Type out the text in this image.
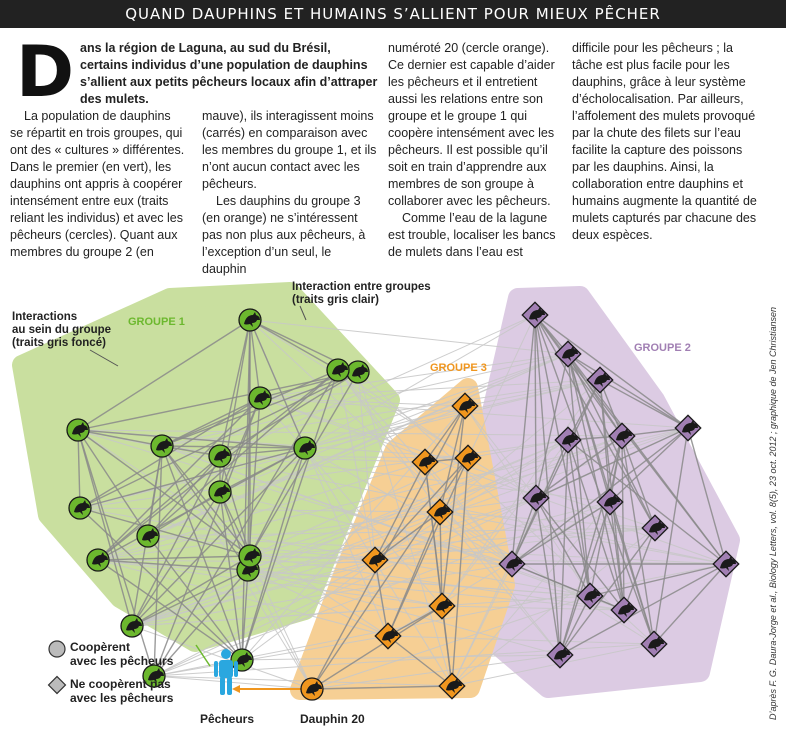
QUAND DAUPHINS ET HUMAINS S’ALLIENT POUR MIEUX PÊCHER
D ans la région de Laguna, au sud du Brésil, certains individus d’une population de dauphins s’allient aux petits pêcheurs locaux afin d’attraper des mulets.

La population de dauphins se répartit en trois groupes, qui ont des « cultures » différentes. Dans le premier (en vert), les dauphins ont appris à coopérer intensément entre eux (traits reliant les individus) et avec les pêcheurs (cercles). Quant aux membres du groupe 2 (en

mauve), ils interagissent moins (carrés) en comparaison avec les membres du groupe 1, et ils n’ont aucun contact avec les pêcheurs.

Les dauphins du groupe 3 (en orange) ne s’intéressent pas non plus aux pêcheurs, à l’exception d’un seul, le dauphin

numéroté 20 (cercle orange). Ce dernier est capable d’aider les pêcheurs et il entretient aussi les relations entre son groupe et le groupe 1 qui coopère intensément avec les pêcheurs. Il est possible qu’il soit en train d’apprendre aux membres de son groupe à collaborer avec les pêcheurs.

Comme l’eau de la lagune est trouble, localiser les bancs de mulets dans l’eau est

difficile pour les pêcheurs ; la tâche est plus facile pour les dauphins, grâce à leur système d’écholocalisation. Par ailleurs, l’affolement des mulets provoqué par la chute des filets sur l’eau facilite la capture des poissons par les dauphins. Ainsi, la collaboration entre dauphins et humains augmente la quantité de mulets capturés par chacune des deux espèces.

D’après F. G. Daura-Jorge et al., Biology Letters, vol. 8(5), 23 oct. 2012 ; graphique de Jen Christiansen
GROUPE 1
GROUPE 2
GROUPE 3
Interactions
au sein du groupe
(traits gris foncé)
Interaction entre groupes
(traits gris clair)
Pêcheurs	Dauphin 20
Coopèrent
avec les pêcheurs
Ne coopèrent pas
avec les pêcheurs
